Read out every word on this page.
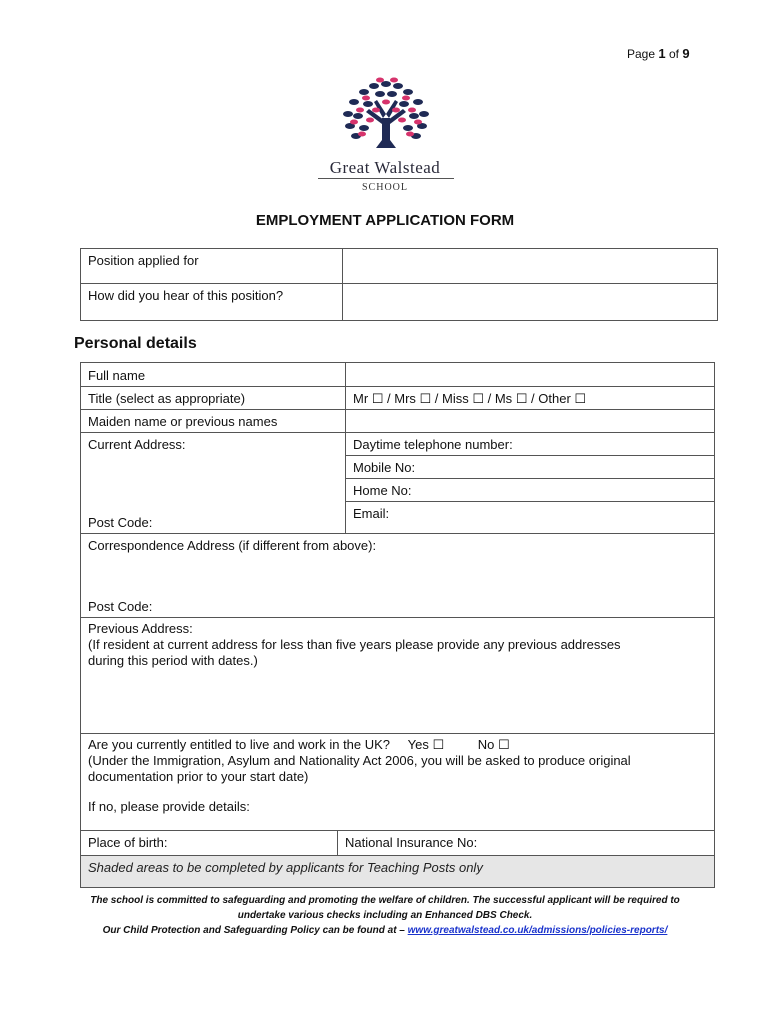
Page 1 of 9
Great Walstead
SCHOOL
EMPLOYMENT APPLICATION FORM
Position applied for	
How did you hear of this position?	
Personal details
Full name
Title (select as appropriate)	Mr ☐ / Mrs ☐ / Miss ☐ / Ms ☐ / Other ☐
Maiden name or previous names
Current Address:
Post Code:
Daytime telephone number:
Mobile No:
Home No:
Email:
Correspondence Address (if different from above):
Post Code:
Previous Address:
(If resident at current address for less than five years please provide any previous addresses
during this period with dates.)
Are you currently entitled to live and work in the UK? Yes ☐	No ☐
(Under the Immigration, Asylum and Nationality Act 2006, you will be asked to produce original
documentation prior to your start date)
If no, please provide details:
Place of birth:	National Insurance No:
Shaded areas to be completed by applicants for Teaching Posts only
The school is committed to safeguarding and promoting the welfare of children. The successful applicant will be required to
undertake various checks including an Enhanced DBS Check.
Our Child Protection and Safeguarding Policy can be found at – www.greatwalstead.co.uk/admissions/policies-reports/
